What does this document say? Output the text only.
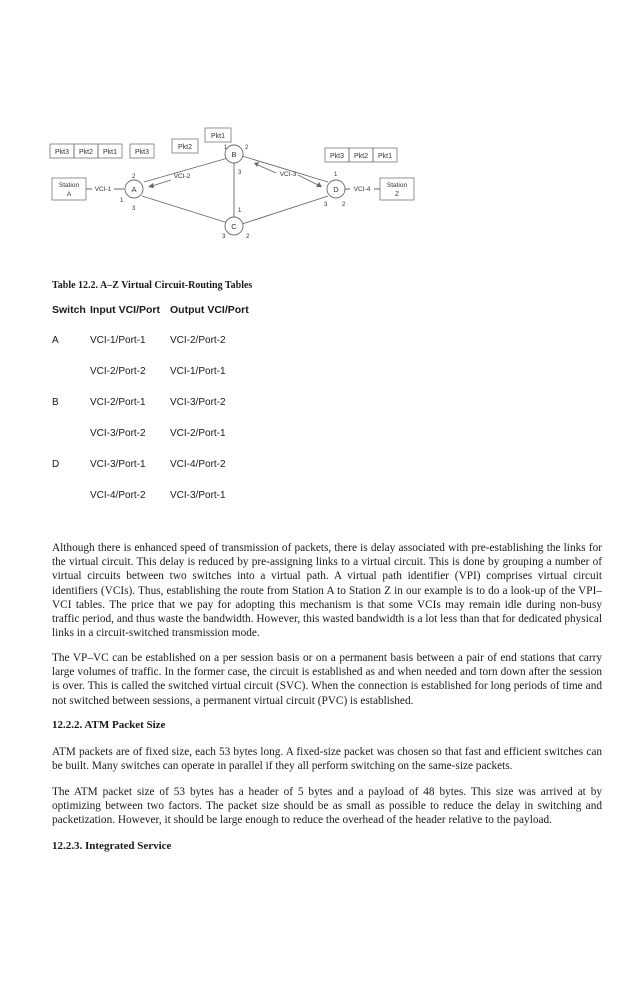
Pkt3 Pkt2 Pkt1	Pkt3
Pkt2
Pkt1
Pkt3 Pkt2 Pkt1
Station
A
Station
Z
A
B
C
D
VCI-1
VCI-2	VCI-3
VCI-4
2
1
3
1	2
3
1
3	2
1
3 2
Table 12.2. A–Z Virtual Circuit-Routing Tables
Switch Input VCI/Port Output VCI/Port
A	VCI-1/Port-1 VCI-2/Port-2
VCI-2/Port-2 VCI-1/Port-1
B	VCI-2/Port-1 VCI-3/Port-2
VCI-3/Port-2 VCI-2/Port-1
D	VCI-3/Port-1 VCI-4/Port-2
VCI-4/Port-2 VCI-3/Port-1

Although there is enhanced speed of transmission of packets, there is delay associated with pre-establishing the links for the virtual circuit. This delay is reduced by pre-assigning links to a virtual circuit. This is done by grouping a number of virtual circuits between two switches into a virtual path. A virtual path identifier (VPI) comprises virtual circuit identifiers (VCIs). Thus, establishing the route from Station A to Station Z in our example is to do a look-up of the VPI–VCI tables. The price that we pay for adopting this mechanism is that some VCIs may remain idle during non-busy traffic period, and thus waste the bandwidth. However, this wasted bandwidth is a lot less than that for dedicated physical links in a circuit-switched transmission mode.

The VP–VC can be established on a per session basis or on a permanent basis between a pair of end stations that carry large volumes of traffic. In the former case, the circuit is established as and when needed and torn down after the session is over. This is called the switched virtual circuit (SVC). When the connection is established for long periods of time and not switched between sessions, a permanent virtual circuit (PVC) is established.

12.2.2. ATM Packet Size

ATM packets are of fixed size, each 53 bytes long. A fixed-size packet was chosen so that fast and efficient switches can be built. Many switches can operate in parallel if they all perform switching on the same-size packets.

The ATM packet size of 53 bytes has a header of 5 bytes and a payload of 48 bytes. This size was arrived at by optimizing between two factors. The packet size should be as small as possible to reduce the delay in switching and packetization. However, it should be large enough to reduce the overhead of the header relative to the payload.

12.2.3. Integrated Service
